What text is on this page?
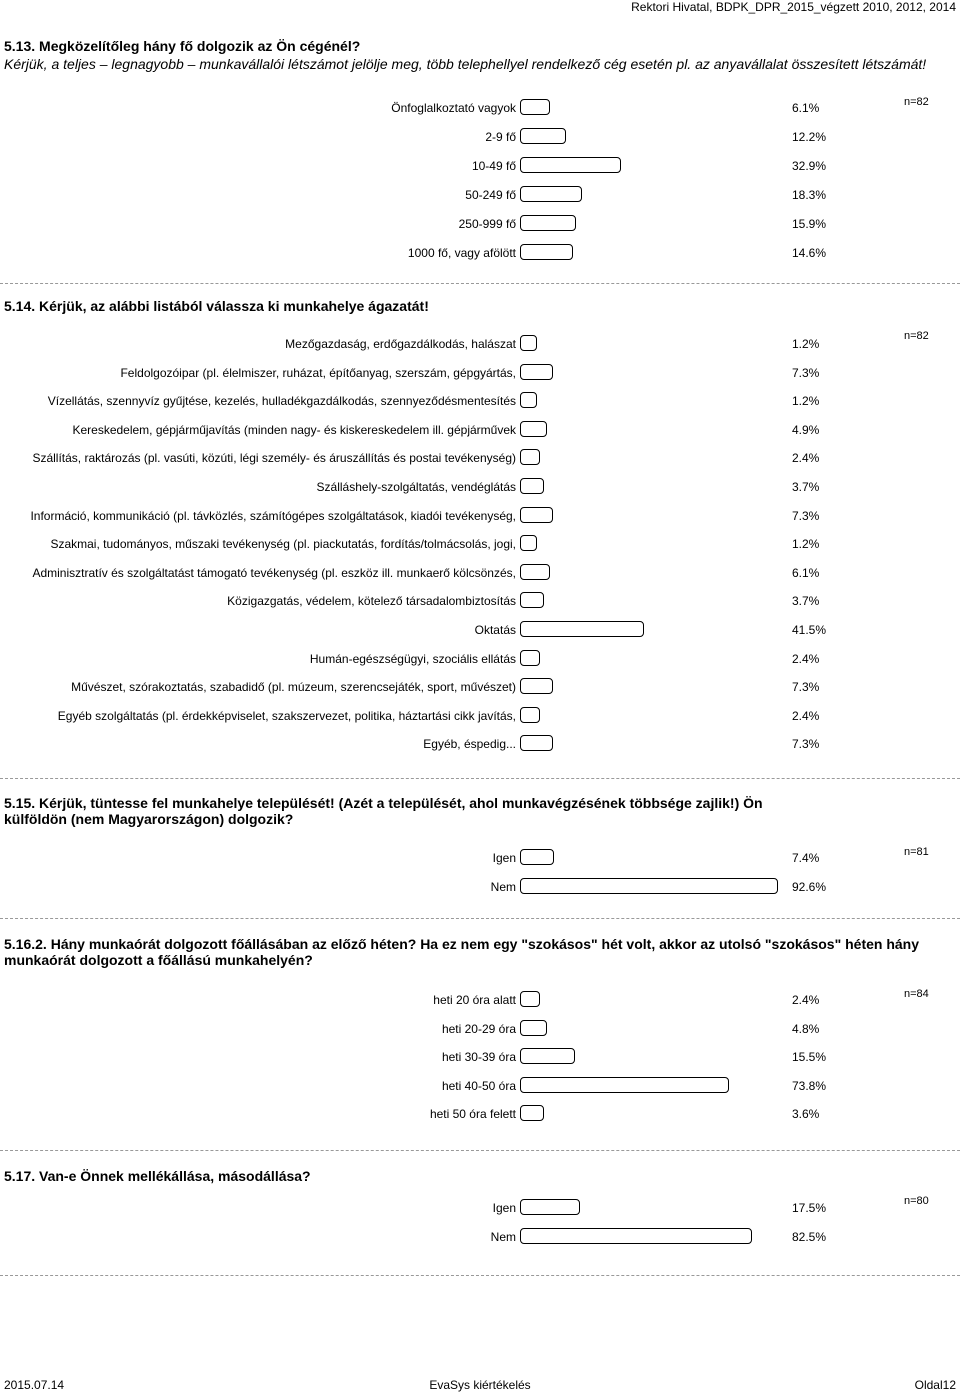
Rektori Hivatal, BDPK_DPR_2015_végzett 2010, 2012, 2014
5.13. Megközelítőleg hány fő dolgozik az Ön cégénél?
Kérjük, a teljes – legnagyobb – munkavállalói létszámot jelölje meg, több telephellyel rendelkező cég esetén pl. az anyavállalat összesített létszámát!
n=82
Önfoglalkoztató vagyok	6.1%
2-9 fő	12.2%
10-49 fő	32.9%
50-249 fő	18.3%
250-999 fő	15.9%
1000 fő, vagy afölött	14.6%
5.14. Kérjük, az alábbi listából válassza ki munkahelye ágazatát!
n=82
Mezőgazdaság, erdőgazdálkodás, halászat	1.2%
Feldolgozóipar (pl. élelmiszer, ruházat, építőanyag, szerszám, gépgyártás,	7.3%
Vízellátás, szennyvíz gyűjtése, kezelés, hulladékgazdálkodás, szennyeződésmentesítés	1.2%
Kereskedelem, gépjárműjavítás (minden nagy- és kiskereskedelem ill. gépjárművek	4.9%
Szállítás, raktározás (pl. vasúti, közúti, légi személy- és áruszállítás és postai tevékenység)	2.4%
Szálláshely-szolgáltatás, vendéglátás	3.7%
Információ, kommunikáció (pl. távközlés, számítógépes szolgáltatások, kiadói tevékenység,	7.3%
Szakmai, tudományos, műszaki tevékenység (pl. piackutatás, fordítás/tolmácsolás, jogi,	1.2%
Adminisztratív és szolgáltatást támogató tevékenység (pl. eszköz ill. munkaerő kölcsönzés,	6.1%
Közigazgatás, védelem, kötelező társadalombiztosítás	3.7%
Oktatás	41.5%
Humán-egészségügyi, szociális ellátás	2.4%
Művészet, szórakoztatás, szabadidő (pl. múzeum, szerencsejáték, sport, művészet)	7.3%
Egyéb szolgáltatás (pl. érdekképviselet, szakszervezet, politika, háztartási cikk javítás,	2.4%
Egyéb, éspedig...	7.3%
5.15. Kérjük, tüntesse fel munkahelye települését! (Azét a települését, ahol munkavégzésének többsége zajlik!) Ön külföldön (nem Magyarországon) dolgozik?
n=81
Igen	7.4%
Nem	92.6%
5.16.2. Hány munkaórát dolgozott főállásában az előző héten? Ha ez nem egy "szokásos" hét volt, akkor az utolsó "szokásos" héten hány munkaórát dolgozott a főállású munkahelyén?
n=84
heti 20 óra alatt	2.4%
heti 20-29 óra	4.8%
heti 30-39 óra	15.5%
heti 40-50 óra	73.8%
heti 50 óra felett	3.6%
5.17. Van-e Önnek mellékállása, másodállása?
n=80
Igen	17.5%
Nem	82.5%
2015.07.14	EvaSys kiértékelés	Oldal12
